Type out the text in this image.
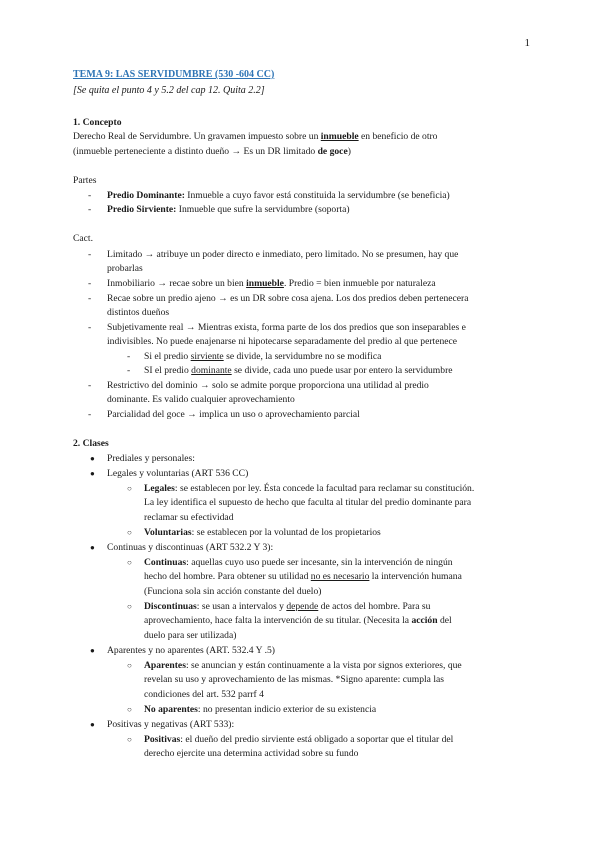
1
TEMA 9: LAS SERVIDUMBRE (530 -604 CC)
[Se quita el punto 4 y 5.2 del cap 12. Quita 2.2]
1. Concepto
Derecho Real de Servidumbre. Un gravamen impuesto sobre un inmueble en beneficio de otro
(inmueble perteneciente a distinto dueño → Es un DR limitado de goce)
Partes
- Predio Dominante: Inmueble a cuyo favor está constituida la servidumbre (se beneficia)
- Predio Sirviente: Inmueble que sufre la servidumbre (soporta)
Cact.
- Limitado → atribuye un poder directo e inmediato, pero limitado. No se presumen, hay que
probarlas
- Inmobiliario → recae sobre un bien inmueble. Predio = bien inmueble por naturaleza
- Recae sobre un predio ajeno → es un DR sobre cosa ajena. Los dos predios deben pertenecera
distintos dueños
- Subjetivamente real → Mientras exista, forma parte de los dos predios que son inseparables e
indivisibles. No puede enajenarse ni hipotecarse separadamente del predio al que pertenece
- Si el predio sirviente se divide, la servidumbre no se modifica
- SI el predio dominante se divide, cada uno puede usar por entero la servidumbre
- Restrictivo del dominio → solo se admite porque proporciona una utilidad al predio
dominante. Es valido cualquier aprovechamiento
- Parcialidad del goce → implica un uso o aprovechamiento parcial
2. Clases
● Prediales y personales:
● Legales y voluntarias (ART 536 CC)
○ Legales: se establecen por ley. Ésta concede la facultad para reclamar su constitución.
La ley identifica el supuesto de hecho que faculta al titular del predio dominante para
reclamar su efectividad
○ Voluntarias: se establecen por la voluntad de los propietarios
● Continuas y discontinuas (ART 532.2 Y 3):
○ Continuas: aquellas cuyo uso puede ser incesante, sin la intervención de ningún
hecho del hombre. Para obtener su utilidad no es necesario la intervención humana
(Funciona sola sin acción constante del duelo)
○ Discontinuas: se usan a intervalos y depende de actos del hombre. Para su
aprovechamiento, hace falta la intervención de su titular. (Necesita la acción del
duelo para ser utilizada)
● Aparentes y no aparentes (ART. 532.4 Y .5)
○ Aparentes: se anuncian y están continuamente a la vista por signos exteriores, que
revelan su uso y aprovechamiento de las mismas. *Signo aparente: cumpla las
condiciones del art. 532 parrf 4
○ No aparentes: no presentan indicio exterior de su existencia
● Positivas y negativas (ART 533):
○ Positivas: el dueño del predio sirviente está obligado a soportar que el titular del
derecho ejercite una determina actividad sobre su fundo
